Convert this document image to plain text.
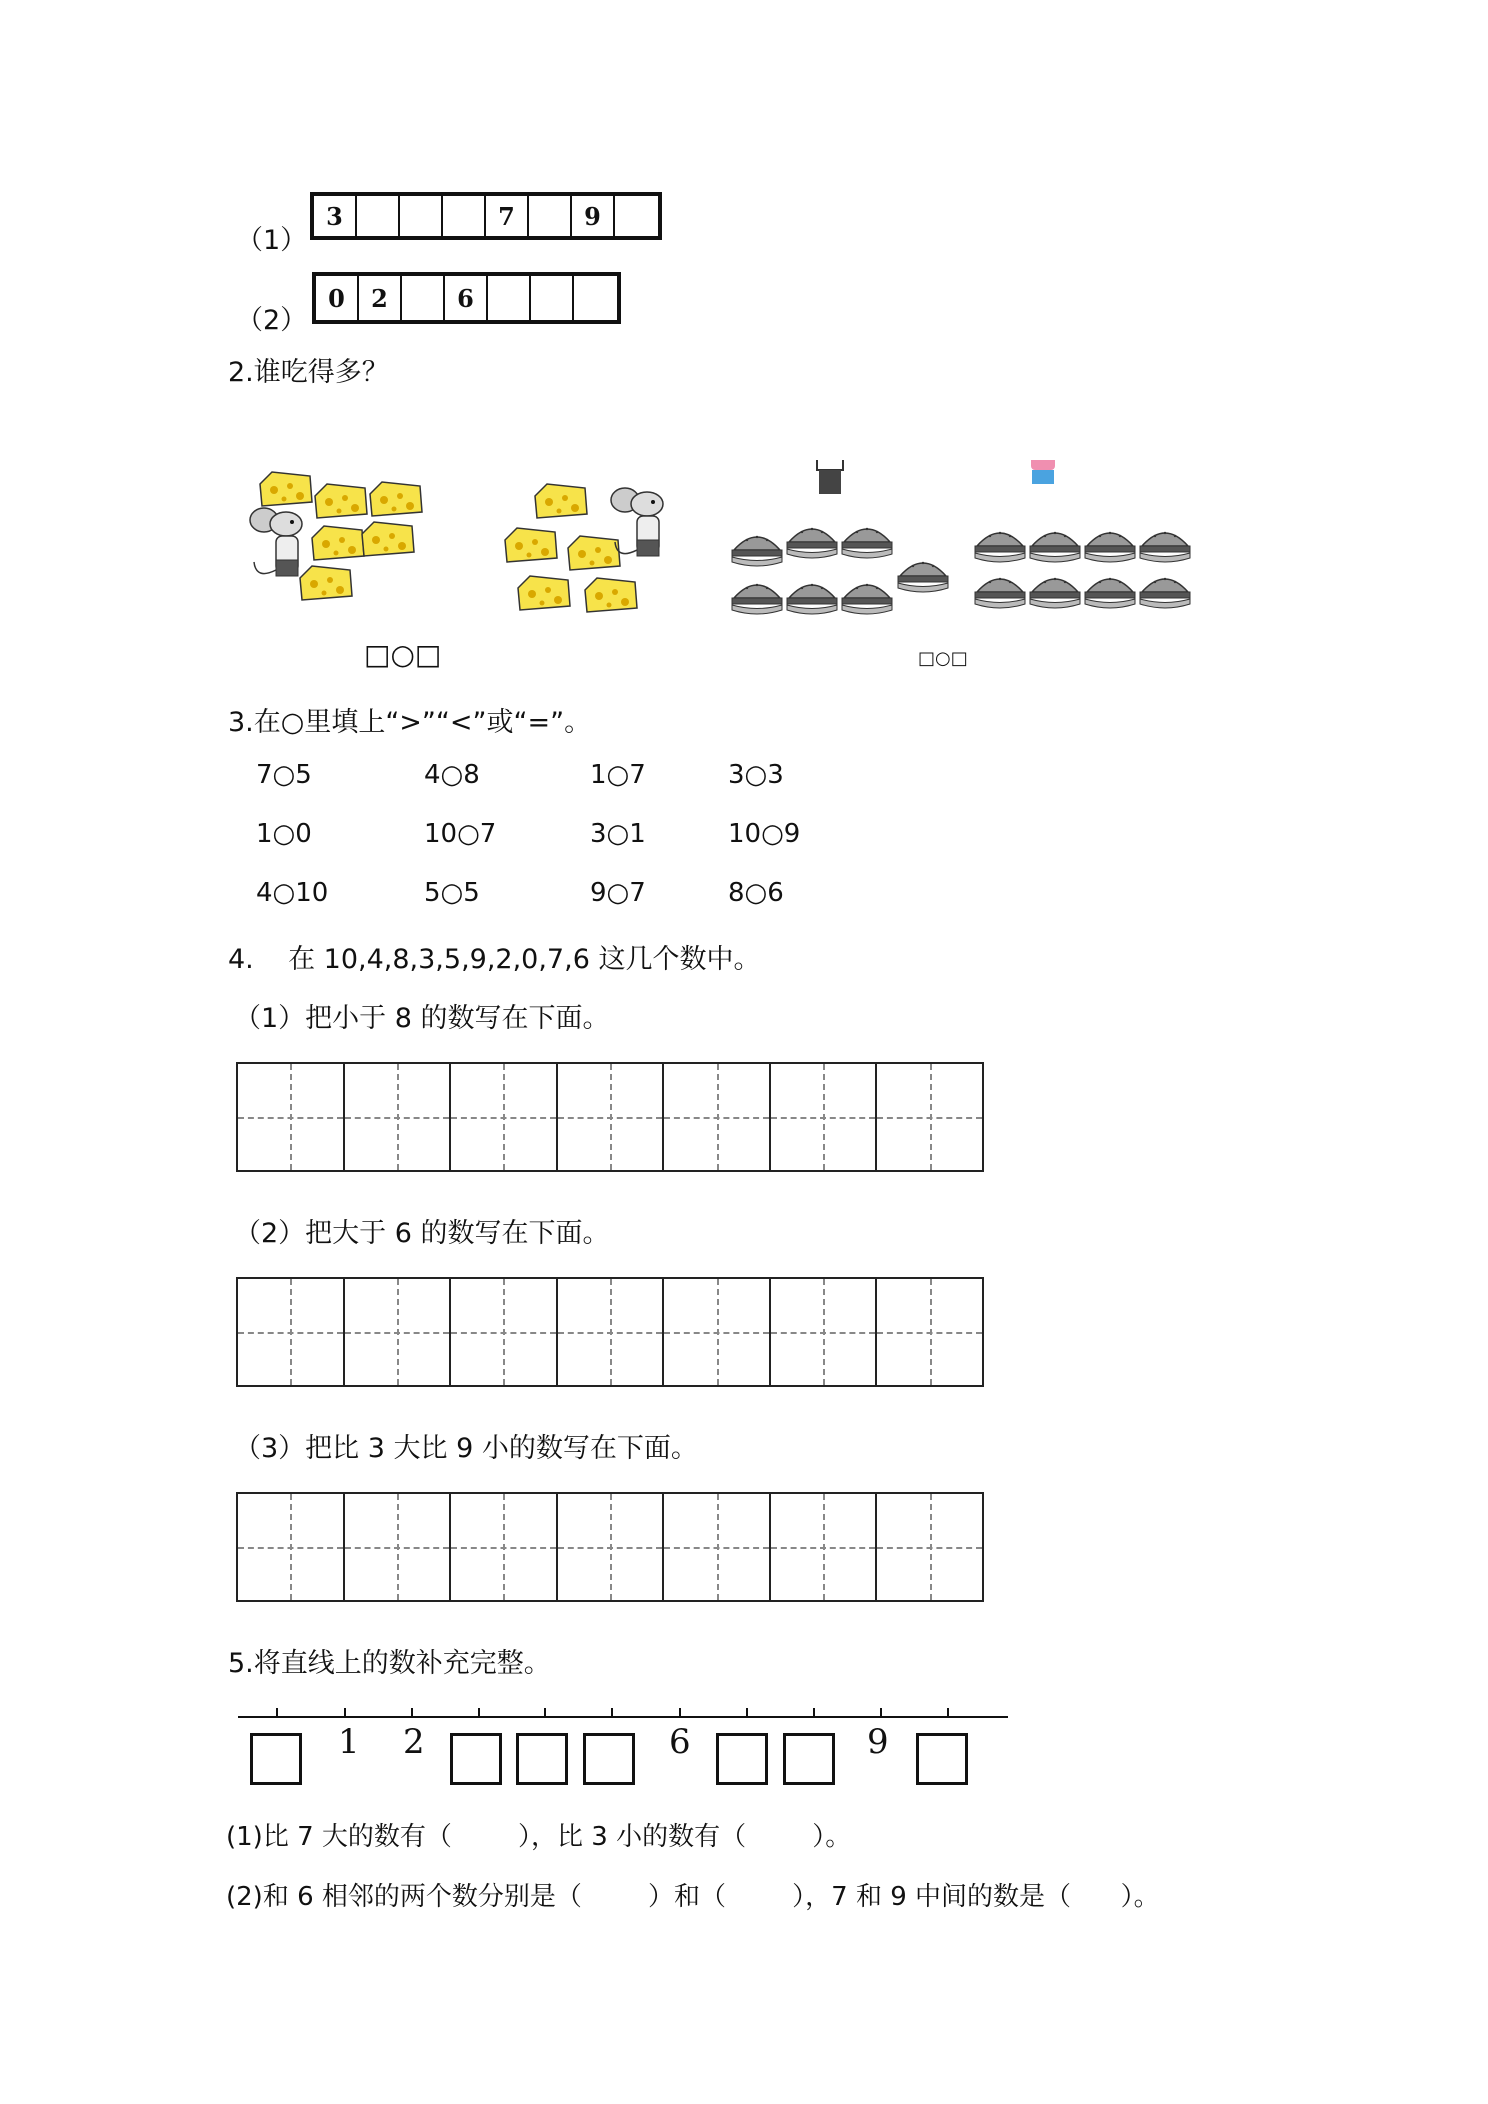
（1）
3	7	9
（2）
0	2	6
2.谁吃得多？
□○□	□○□
3.在○里填上“>”“<”或“=”。
7○5	4○8	1○7	3○3
1○0	10○7	3○1	10○9
4○10	5○5	9○7	8○6
4.    在 10,4,8,3,5,9,2,0,7,6 这几个数中。
（1）把小于 8 的数写在下面。
（2）把大于 6 的数写在下面。
（3）把比 3 大比 9 小的数写在下面。
5.将直线上的数补充完整。
1 2	6	9
(1)比 7 大的数有（        ），比 3 小的数有（        ）。
(2)和 6 相邻的两个数分别是（        ）和（        ），7 和 9 中间的数是（      ）。
